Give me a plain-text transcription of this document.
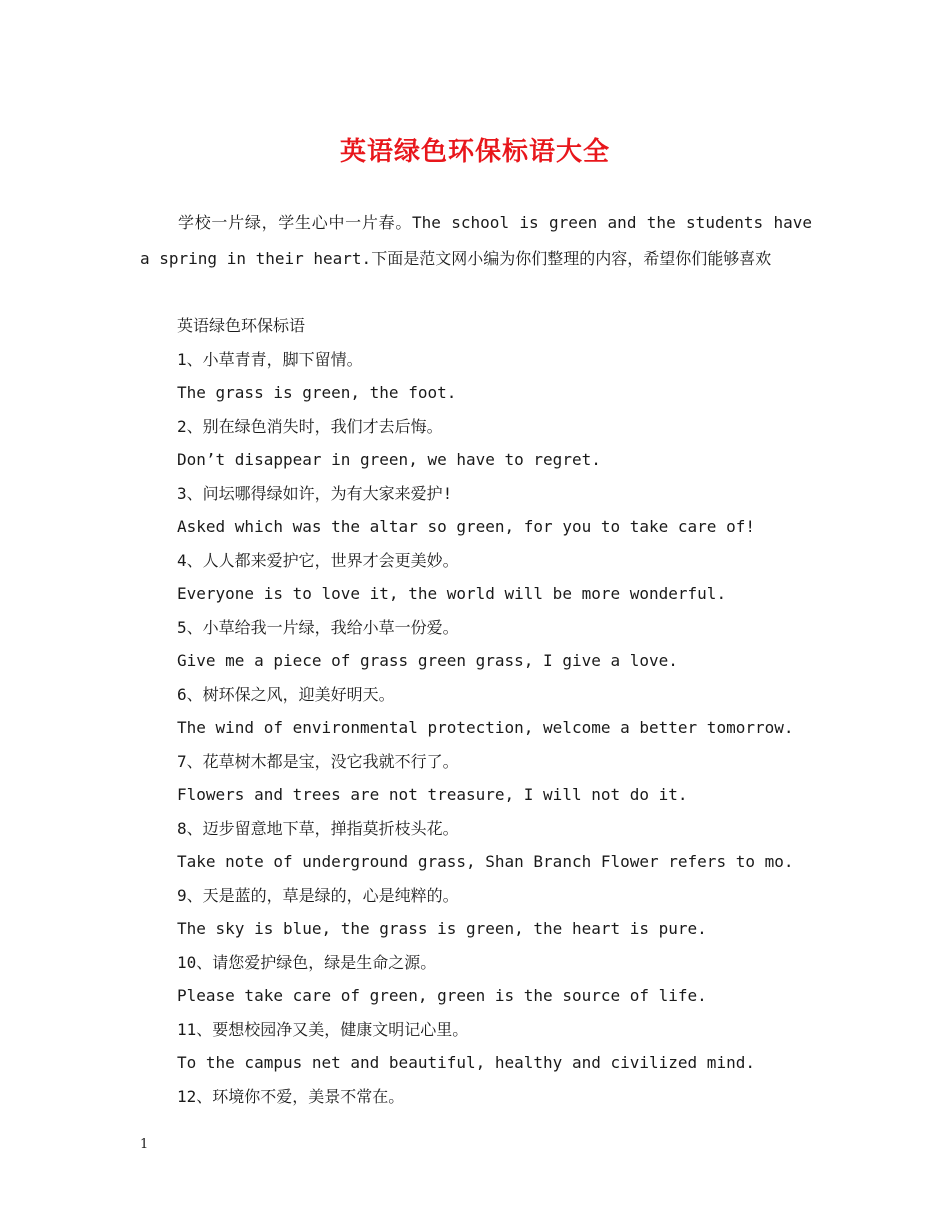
英语绿色环保标语大全
学校一片绿，学生心中一片春。The school is green and the students have a spring in their heart.下面是范文网小编为你们整理的内容，希望你们能够喜欢
英语绿色环保标语
1、小草青青，脚下留情。
The grass is green, the foot.
2、别在绿色消失时，我们才去后悔。
Don’t disappear in green, we have to regret.
3、问坛哪得绿如许，为有大家来爱护!
Asked which was the altar so green, for you to take care of!
4、人人都来爱护它，世界才会更美妙。
Everyone is to love it, the world will be more wonderful.
5、小草给我一片绿，我给小草一份爱。
Give me a piece of grass green grass, I give a love.
6、树环保之风，迎美好明天。
The wind of environmental protection, welcome a better tomorrow.
7、花草树木都是宝，没它我就不行了。
Flowers and trees are not treasure, I will not do it.
8、迈步留意地下草，掸指莫折枝头花。
Take note of underground grass, Shan Branch Flower refers to mo.
9、天是蓝的，草是绿的，心是纯粹的。
The sky is blue, the grass is green, the heart is pure.
10、请您爱护绿色，绿是生命之源。
Please take care of green, green is the source of life.
11、要想校园净又美，健康文明记心里。
To the campus net and beautiful, healthy and civilized mind.
12、环境你不爱，美景不常在。
1
